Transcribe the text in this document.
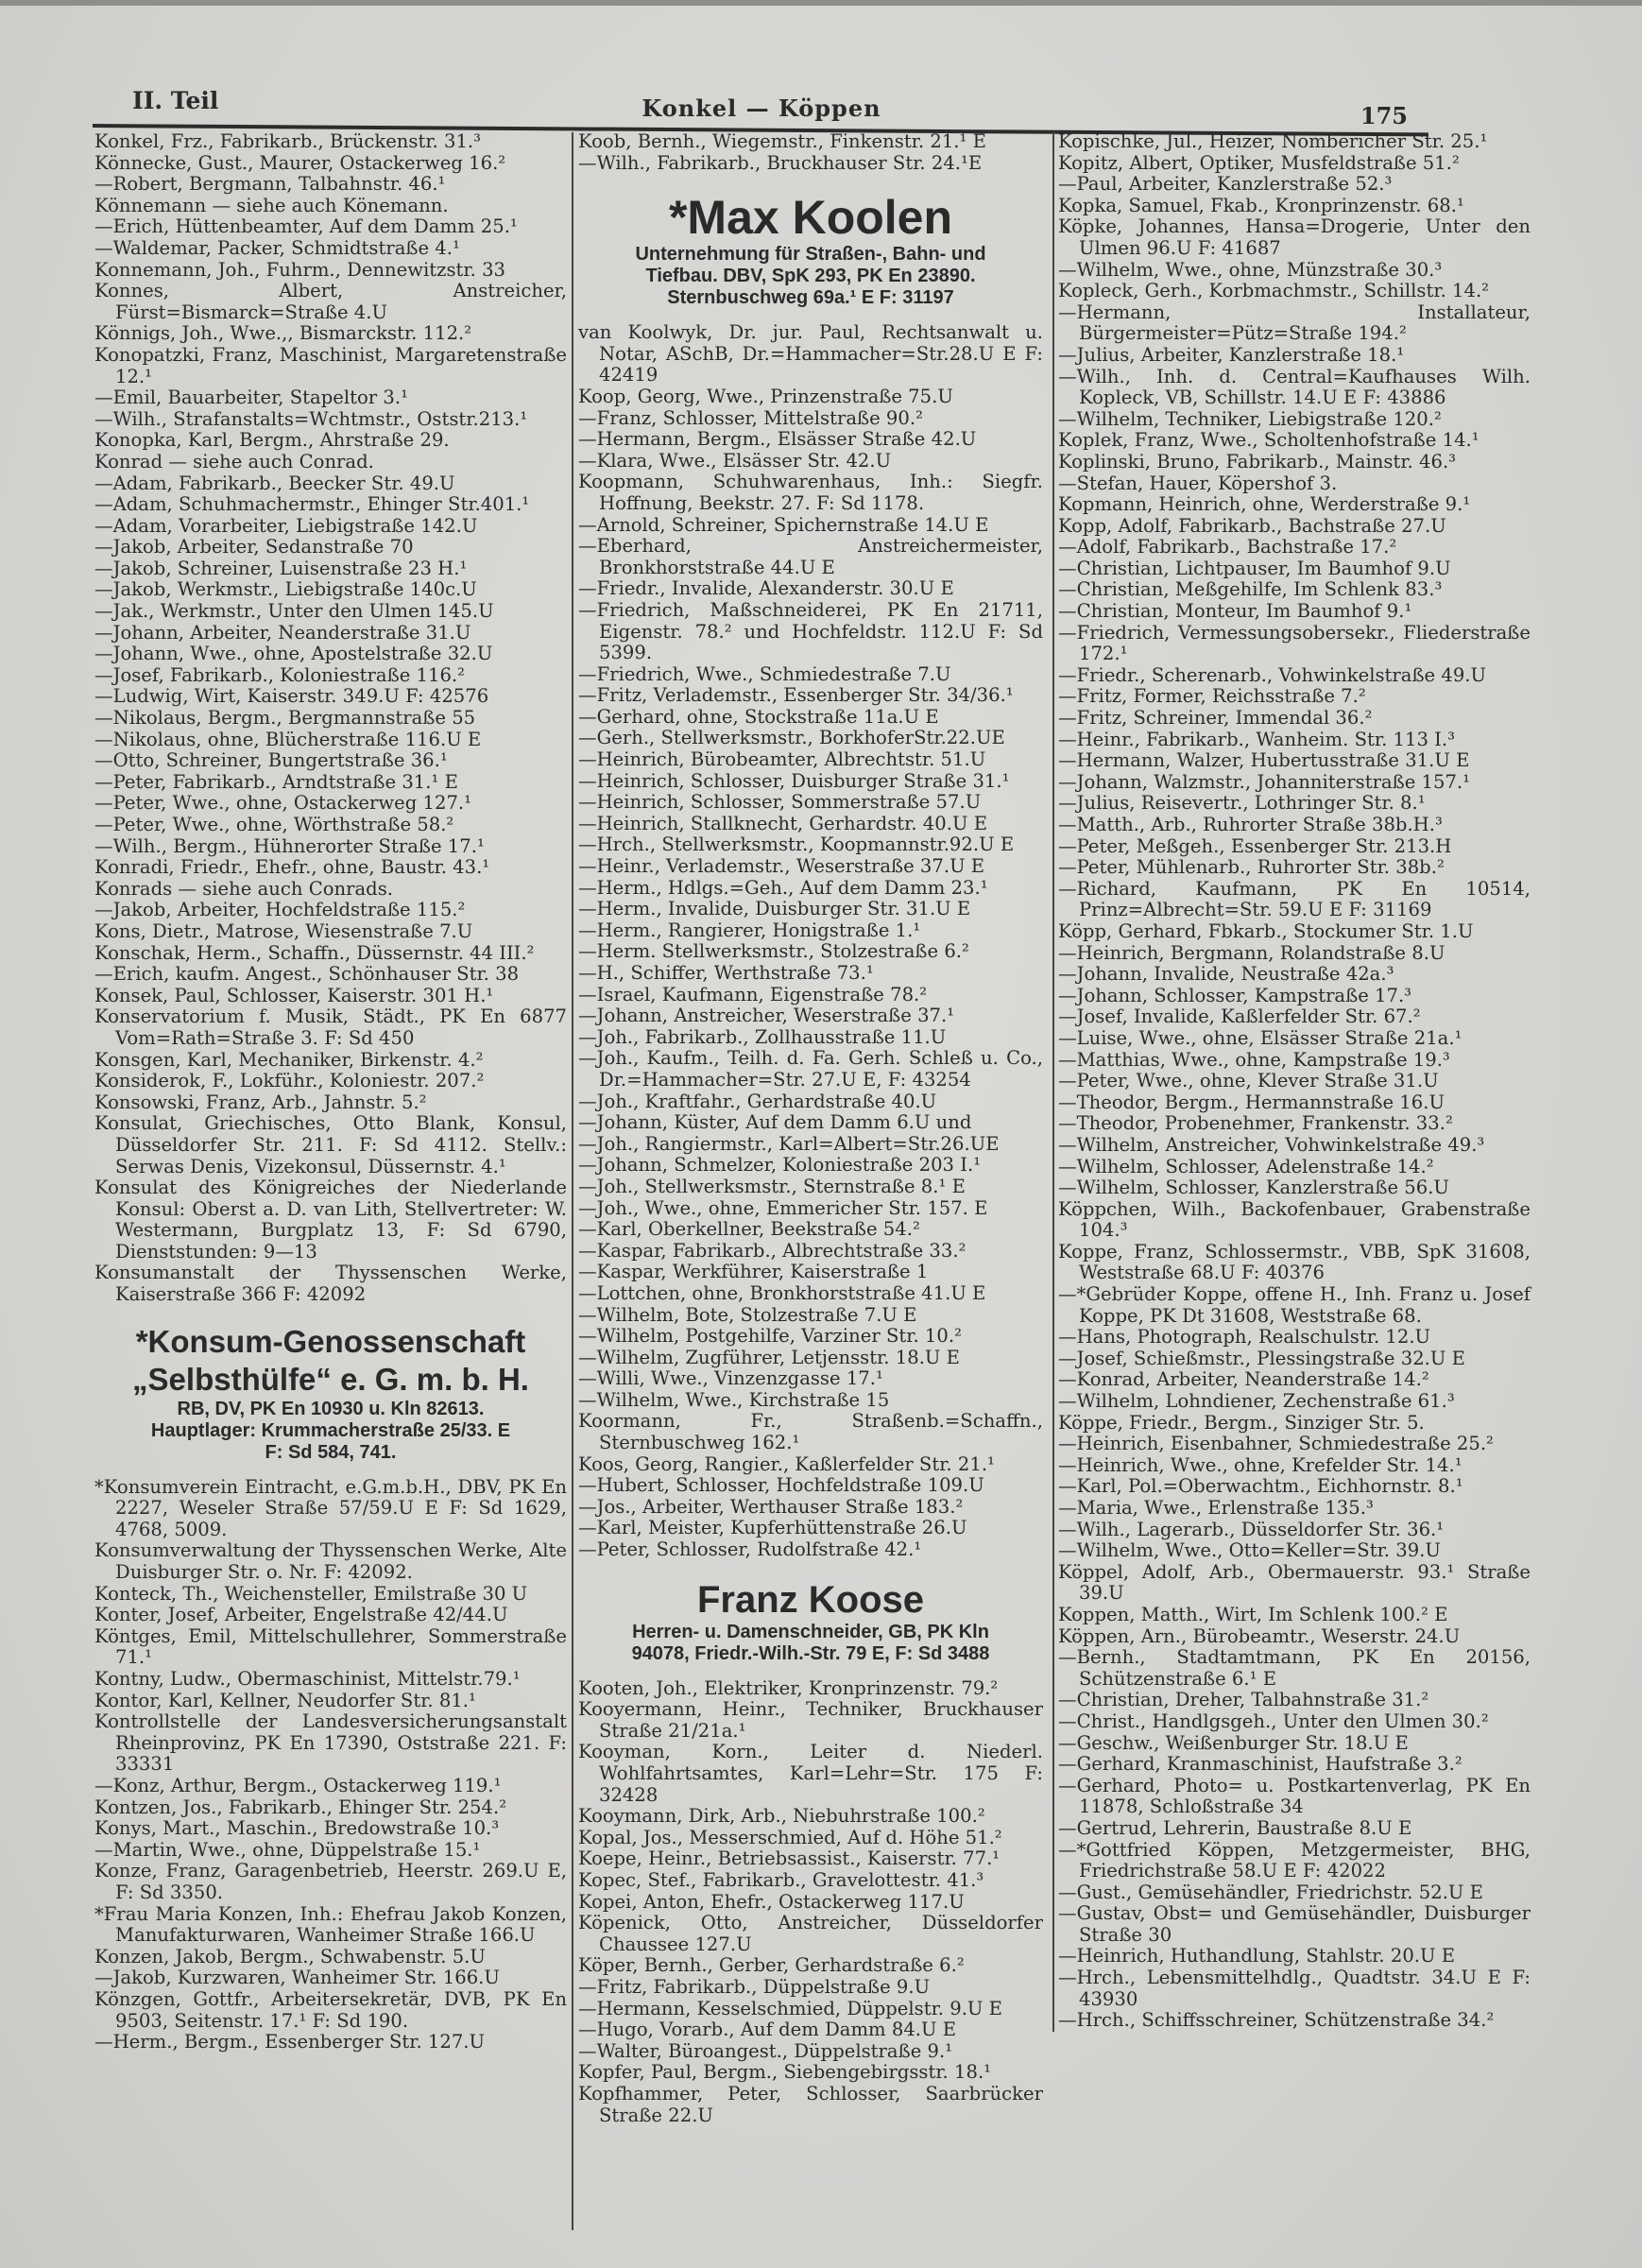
II. Teil	Konkel — Köppen	175

Konkel, Frz., Fabrikarb., Brückenstr. 31.³

Könnecke, Gust., Maurer, Ostackerweg 16.²

—Robert, Bergmann, Talbahnstr. 46.¹

Könnemann — siehe auch Könemann.

—Erich, Hüttenbeamter, Auf dem Damm 25.¹

—Waldemar, Packer, Schmidtstraße 4.¹

Konnemann, Joh., Fuhrm., Dennewitzstr. 33

Konnes, Albert, Anstreicher, Fürst=Bismarck=Straße 4.U

Könnigs, Joh., Wwe.,, Bismarckstr. 112.²

Konopatzki, Franz, Maschinist, Margaretenstraße 12.¹

—Emil, Bauarbeiter, Stapeltor 3.¹

—Wilh., Strafanstalts=Wchtmstr., Oststr.213.¹

Konopka, Karl, Bergm., Ahrstraße 29.

Konrad — siehe auch Conrad.

—Adam, Fabrikarb., Beecker Str. 49.U

—Adam, Schuhmachermstr., Ehinger Str.401.¹

—Adam, Vorarbeiter, Liebigstraße 142.U

—Jakob, Arbeiter, Sedanstraße 70

—Jakob, Schreiner, Luisenstraße 23 H.¹

—Jakob, Werkmstr., Liebigstraße 140c.U

—Jak., Werkmstr., Unter den Ulmen 145.U

—Johann, Arbeiter, Neanderstraße 31.U

—Johann, Wwe., ohne, Apostelstraße 32.U

—Josef, Fabrikarb., Koloniestraße 116.²

—Ludwig, Wirt, Kaiserstr. 349.U F: 42576

—Nikolaus, Bergm., Bergmannstraße 55

—Nikolaus, ohne, Blücherstraße 116.U E

—Otto, Schreiner, Bungertstraße 36.¹

—Peter, Fabrikarb., Arndtstraße 31.¹ E

—Peter, Wwe., ohne, Ostackerweg 127.¹

—Peter, Wwe., ohne, Wörthstraße 58.²

—Wilh., Bergm., Hühnerorter Straße 17.¹

Konradi, Friedr., Ehefr., ohne, Baustr. 43.¹

Konrads — siehe auch Conrads.

—Jakob, Arbeiter, Hochfeldstraße 115.²

Kons, Dietr., Matrose, Wiesenstraße 7.U

Konschak, Herm., Schaffn., Düssernstr. 44 III.²

—Erich, kaufm. Angest., Schönhauser Str. 38

Konsek, Paul, Schlosser, Kaiserstr. 301 H.¹

Konservatorium f. Musik, Städt., PK En 6877 Vom=Rath=Straße 3. F: Sd 450

Konsgen, Karl, Mechaniker, Birkenstr. 4.²

Konsiderok, F., Lokführ., Koloniestr. 207.²

Konsowski, Franz, Arb., Jahnstr. 5.²

Konsulat, Griechisches, Otto Blank, Konsul, Düsseldorfer Str. 211. F: Sd 4112. Stellv.: Serwas Denis, Vizekonsul, Düssernstr. 4.¹

Konsulat des Königreiches der Niederlande Konsul: Oberst a. D. van Lith, Stellvertreter: W. Westermann, Burgplatz 13, F: Sd 6790, Dienststunden: 9—13

Konsumanstalt der Thyssenschen Werke, Kaiserstraße 366 F: 42092

*Konsum-Genossenschaft
„Selbsthülfe“ e. G. m. b. H.
RB, DV, PK En 10930 u. Kln 82613.
Hauptlager: Krummacherstraße 25/33. E
F: Sd 584, 741.

*Konsumverein Eintracht, e.G.m.b.H., DBV, PK En 2227, Weseler Straße 57/59.U E F: Sd 1629, 4768, 5009.

Konsumverwaltung der Thyssenschen Werke, Alte Duisburger Str. o. Nr. F: 42092.

Konteck, Th., Weichensteller, Emilstraße 30 U

Konter, Josef, Arbeiter, Engelstraße 42/44.U

Köntges, Emil, Mittelschullehrer, Sommerstraße 71.¹

Kontny, Ludw., Obermaschinist, Mittelstr.79.¹

Kontor, Karl, Kellner, Neudorfer Str. 81.¹

Kontrollstelle der Landesversicherungsanstalt Rheinprovinz, PK En 17390, Oststraße 221. F: 33331

—Konz, Arthur, Bergm., Ostackerweg 119.¹

Kontzen, Jos., Fabrikarb., Ehinger Str. 254.²

Konys, Mart., Maschin., Bredowstraße 10.³

—Martin, Wwe., ohne, Düppelstraße 15.¹

Konze, Franz, Garagenbetrieb, Heerstr. 269.U E, F: Sd 3350.

*Frau Maria Konzen, Inh.: Ehefrau Jakob Konzen, Manufakturwaren, Wanheimer Straße 166.U

Konzen, Jakob, Bergm., Schwabenstr. 5.U

—Jakob, Kurzwaren, Wanheimer Str. 166.U

Könzgen, Gottfr., Arbeitersekretär, DVB, PK En 9503, Seitenstr. 17.¹ F: Sd 190.

—Herm., Bergm., Essenberger Str. 127.U

Koob, Bernh., Wiegemstr., Finkenstr. 21.¹ E

—Wilh., Fabrikarb., Bruckhauser Str. 24.¹E

*Max Koolen
Unternehmung für Straßen-, Bahn- und
Tiefbau. DBV, SpK 293, PK En 23890.
Sternbuschweg 69a.¹ E F: 31197

van Koolwyk, Dr. jur. Paul, Rechtsanwalt u. Notar, ASchB, Dr.=Hammacher=Str.28.U E F: 42419

Koop, Georg, Wwe., Prinzenstraße 75.U

—Franz, Schlosser, Mittelstraße 90.²

—Hermann, Bergm., Elsässer Straße 42.U

—Klara, Wwe., Elsässer Str. 42.U

Koopmann, Schuhwarenhaus, Inh.: Siegfr. Hoffnung, Beekstr. 27. F: Sd 1178.

—Arnold, Schreiner, Spichernstraße 14.U E

—Eberhard, Anstreichermeister, Bronkhorststraße 44.U E

—Friedr., Invalide, Alexanderstr. 30.U E

—Friedrich, Maßschneiderei, PK En 21711, Eigenstr. 78.² und Hochfeldstr. 112.U F: Sd 5399.

—Friedrich, Wwe., Schmiedestraße 7.U

—Fritz, Verlademstr., Essenberger Str. 34/36.¹

—Gerhard, ohne, Stockstraße 11a.U E

—Gerh., Stellwerksmstr., BorkhoferStr.22.UE

—Heinrich, Bürobeamter, Albrechtstr. 51.U

—Heinrich, Schlosser, Duisburger Straße 31.¹

—Heinrich, Schlosser, Sommerstraße 57.U

—Heinrich, Stallknecht, Gerhardstr. 40.U E

—Hrch., Stellwerksmstr., Koopmannstr.92.U E

—Heinr., Verlademstr., Weserstraße 37.U E

—Herm., Hdlgs.=Geh., Auf dem Damm 23.¹

—Herm., Invalide, Duisburger Str. 31.U E

—Herm., Rangierer, Honigstraße 1.¹

—Herm. Stellwerksmstr., Stolzestraße 6.²

—H., Schiffer, Werthstraße 73.¹

—Israel, Kaufmann, Eigenstraße 78.²

—Johann, Anstreicher, Weserstraße 37.¹

—Joh., Fabrikarb., Zollhausstraße 11.U

—Joh., Kaufm., Teilh. d. Fa. Gerh. Schleß u. Co., Dr.=Hammacher=Str. 27.U E, F: 43254

—Joh., Kraftfahr., Gerhardstraße 40.U

—Johann, Küster, Auf dem Damm 6.U und

—Joh., Rangiermstr., Karl=Albert=Str.26.UE

—Johann, Schmelzer, Koloniestraße 203 I.¹

—Joh., Stellwerksmstr., Sternstraße 8.¹ E

—Joh., Wwe., ohne, Emmericher Str. 157. E

—Karl, Oberkellner, Beekstraße 54.²

—Kaspar, Fabrikarb., Albrechtstraße 33.²

—Kaspar, Werkführer, Kaiserstraße 1

—Lottchen, ohne, Bronkhorststraße 41.U E

—Wilhelm, Bote, Stolzestraße 7.U E

—Wilhelm, Postgehilfe, Varziner Str. 10.²

—Wilhelm, Zugführer, Letjensstr. 18.U E

—Willi, Wwe., Vinzenzgasse 17.¹

—Wilhelm, Wwe., Kirchstraße 15

Koormann, Fr., Straßenb.=Schaffn., Sternbuschweg 162.¹

Koos, Georg, Rangier., Kaßlerfelder Str. 21.¹

—Hubert, Schlosser, Hochfeldstraße 109.U

—Jos., Arbeiter, Werthauser Straße 183.²

—Karl, Meister, Kupferhüttenstraße 26.U

—Peter, Schlosser, Rudolfstraße 42.¹

Franz Koose
Herren- u. Damenschneider, GB, PK Kln
94078, Friedr.-Wilh.-Str. 79 E, F: Sd 3488

Kooten, Joh., Elektriker, Kronprinzenstr. 79.²

Kooyermann, Heinr., Techniker, Bruckhauser Straße 21/21a.¹

Kooyman, Korn., Leiter d. Niederl. Wohlfahrtsamtes, Karl=Lehr=Str. 175 F: 32428

Kooymann, Dirk, Arb., Niebuhrstraße 100.²

Kopal, Jos., Messerschmied, Auf d. Höhe 51.²

Koepe, Heinr., Betriebsassist., Kaiserstr. 77.¹

Kopec, Stef., Fabrikarb., Gravelottestr. 41.³

Kopei, Anton, Ehefr., Ostackerweg 117.U

Köpenick, Otto, Anstreicher, Düsseldorfer Chaussee 127.U

Köper, Bernh., Gerber, Gerhardstraße 6.²

—Fritz, Fabrikarb., Düppelstraße 9.U

—Hermann, Kesselschmied, Düppelstr. 9.U E

—Hugo, Vorarb., Auf dem Damm 84.U E

—Walter, Büroangest., Düppelstraße 9.¹

Kopfer, Paul, Bergm., Siebengebirgsstr. 18.¹

Kopfhammer, Peter, Schlosser, Saarbrücker Straße 22.U

Kopischke, Jul., Heizer, Nombericher Str. 25.¹

Kopitz, Albert, Optiker, Musfeldstraße 51.²

—Paul, Arbeiter, Kanzlerstraße 52.³

Kopka, Samuel, Fkab., Kronprinzenstr. 68.¹

Köpke, Johannes, Hansa=Drogerie, Unter den Ulmen 96.U F: 41687

—Wilhelm, Wwe., ohne, Münzstraße 30.³

Kopleck, Gerh., Korbmachmstr., Schillstr. 14.²

—Hermann, Installateur, Bürgermeister=Pütz=Straße 194.²

—Julius, Arbeiter, Kanzlerstraße 18.¹

—Wilh., Inh. d. Central=Kaufhauses Wilh. Kopleck, VB, Schillstr. 14.U E F: 43886

—Wilhelm, Techniker, Liebigstraße 120.²

Koplek, Franz, Wwe., Scholtenhofstraße 14.¹

Koplinski, Bruno, Fabrikarb., Mainstr. 46.³

—Stefan, Hauer, Köpershof 3.

Kopmann, Heinrich, ohne, Werderstraße 9.¹

Kopp, Adolf, Fabrikarb., Bachstraße 27.U

—Adolf, Fabrikarb., Bachstraße 17.²

—Christian, Lichtpauser, Im Baumhof 9.U

—Christian, Meßgehilfe, Im Schlenk 83.³

—Christian, Monteur, Im Baumhof 9.¹

—Friedrich, Vermessungsobersekr., Fliederstraße 172.¹

—Friedr., Scherenarb., Vohwinkelstraße 49.U

—Fritz, Former, Reichsstraße 7.²

—Fritz, Schreiner, Immendal 36.²

—Heinr., Fabrikarb., Wanheim. Str. 113 I.³

—Hermann, Walzer, Hubertusstraße 31.U E

—Johann, Walzmstr., Johanniterstraße 157.¹

—Julius, Reisevertr., Lothringer Str. 8.¹

—Matth., Arb., Ruhrorter Straße 38b.H.³

—Peter, Meßgeh., Essenberger Str. 213.H

—Peter, Mühlenarb., Ruhrorter Str. 38b.²

—Richard, Kaufmann, PK En 10514, Prinz=Albrecht=Str. 59.U E F: 31169

Köpp, Gerhard, Fbkarb., Stockumer Str. 1.U

—Heinrich, Bergmann, Rolandstraße 8.U

—Johann, Invalide, Neustraße 42a.³

—Johann, Schlosser, Kampstraße 17.³

—Josef, Invalide, Kaßlerfelder Str. 67.²

—Luise, Wwe., ohne, Elsässer Straße 21a.¹

—Matthias, Wwe., ohne, Kampstraße 19.³

—Peter, Wwe., ohne, Klever Straße 31.U

—Theodor, Bergm., Hermannstraße 16.U

—Theodor, Probenehmer, Frankenstr. 33.²

—Wilhelm, Anstreicher, Vohwinkelstraße 49.³

—Wilhelm, Schlosser, Adelenstraße 14.²

—Wilhelm, Schlosser, Kanzlerstraße 56.U

Köppchen, Wilh., Backofenbauer, Grabenstraße 104.³

Koppe, Franz, Schlossermstr., VBB, SpK 31608, Weststraße 68.U F: 40376

—*Gebrüder Koppe, offene H., Inh. Franz u. Josef Koppe, PK Dt 31608, Weststraße 68.

—Hans, Photograph, Realschulstr. 12.U

—Josef, Schießmstr., Plessingstraße 32.U E

—Konrad, Arbeiter, Neanderstraße 14.²

—Wilhelm, Lohndiener, Zechenstraße 61.³

Köppe, Friedr., Bergm., Sinziger Str. 5.

—Heinrich, Eisenbahner, Schmiedestraße 25.²

—Heinrich, Wwe., ohne, Krefelder Str. 14.¹

—Karl, Pol.=Oberwachtm., Eichhornstr. 8.¹

—Maria, Wwe., Erlenstraße 135.³

—Wilh., Lagerarb., Düsseldorfer Str. 36.¹

—Wilhelm, Wwe., Otto=Keller=Str. 39.U

Köppel, Adolf, Arb., Obermauerstr. 93.¹ Straße 39.U

Koppen, Matth., Wirt, Im Schlenk 100.² E

Köppen, Arn., Bürobeamtr., Weserstr. 24.U

—Bernh., Stadtamtmann, PK En 20156, Schützenstraße 6.¹ E

—Christian, Dreher, Talbahnstraße 31.²

—Christ., Handlgsgeh., Unter den Ulmen 30.²

—Geschw., Weißenburger Str. 18.U E

—Gerhard, Kranmaschinist, Haufstraße 3.²

—Gerhard, Photo= u. Postkartenverlag, PK En 11878, Schloßstraße 34

—Gertrud, Lehrerin, Baustraße 8.U E

—*Gottfried Köppen, Metzgermeister, BHG, Friedrichstraße 58.U E F: 42022

—Gust., Gemüsehändler, Friedrichstr. 52.U E

—Gustav, Obst= und Gemüsehändler, Duisburger Straße 30

—Heinrich, Huthandlung, Stahlstr. 20.U E

—Hrch., Lebensmittelhdlg., Quadtstr. 34.U E F: 43930

—Hrch., Schiffsschreiner, Schützenstraße 34.²
